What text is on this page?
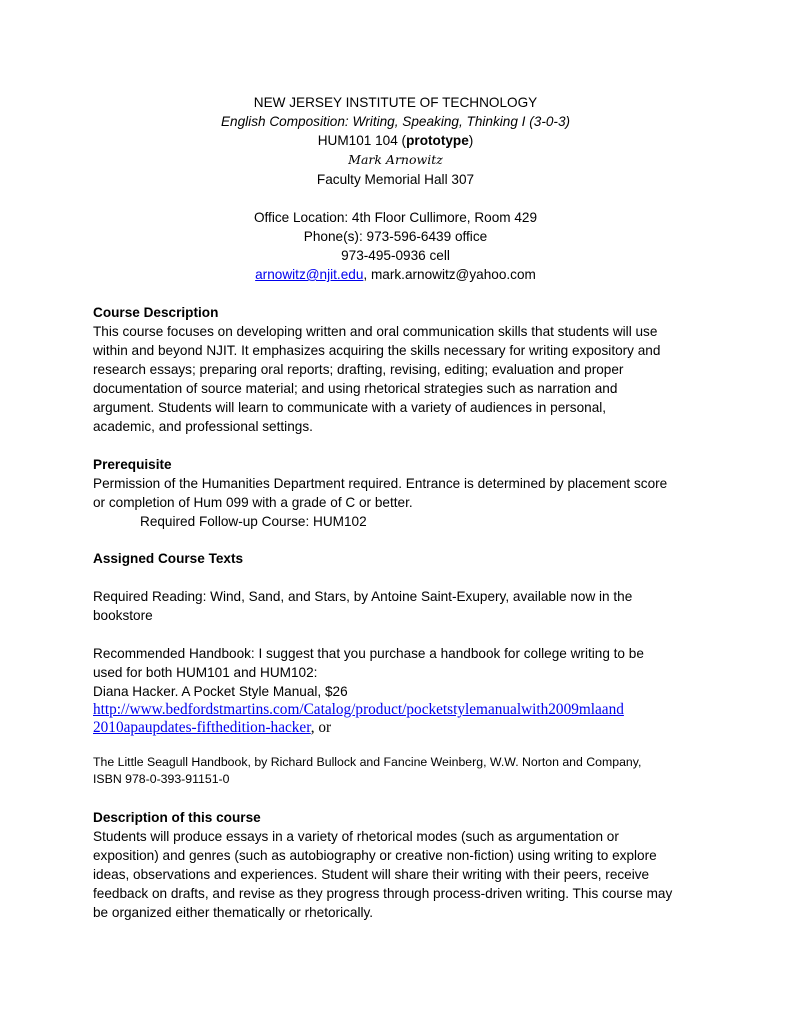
NEW JERSEY INSTITUTE OF TECHNOLOGY
English Composition: Writing, Speaking, Thinking I (3-0-3)
HUM101 104 (prototype)
Mark Arnowitz
Faculty Memorial Hall 307
Office Location: 4th Floor Cullimore, Room 429
Phone(s): 973-596-6439 office
973-495-0936 cell
arnowitz@njit.edu, mark.arnowitz@yahoo.com
Course Description
This course focuses on developing written and oral communication skills that students will use
within and beyond NJIT. It emphasizes acquiring the skills necessary for writing expository and
research essays; preparing oral reports; drafting, revising, editing; evaluation and proper
documentation of source material; and using rhetorical strategies such as narration and
argument. Students will learn to communicate with a variety of audiences in personal,
academic, and professional settings.
Prerequisite
Permission of the Humanities Department required. Entrance is determined by placement score
or completion of Hum 099 with a grade of C or better.
Required Follow-up Course: HUM102
Assigned Course Texts
Required Reading: Wind, Sand, and Stars, by Antoine Saint-Exupery, available now in the
bookstore
Recommended Handbook: I suggest that you purchase a handbook for college writing to be
used for both HUM101 and HUM102:
Diana Hacker. A Pocket Style Manual, $26
http://www.bedfordstmartins.com/Catalog/product/pocketstylemanualwith2009mlaand
2010apaupdates-fifthedition-hacker, or
The Little Seagull Handbook, by Richard Bullock and Fancine Weinberg, W.W. Norton and Company,
ISBN 978-0-393-91151-0
Description of this course
Students will produce essays in a variety of rhetorical modes (such as argumentation or
exposition) and genres (such as autobiography or creative non-fiction) using writing to explore
ideas, observations and experiences. Student will share their writing with their peers, receive
feedback on drafts, and revise as they progress through process-driven writing. This course may
be organized either thematically or rhetorically.
